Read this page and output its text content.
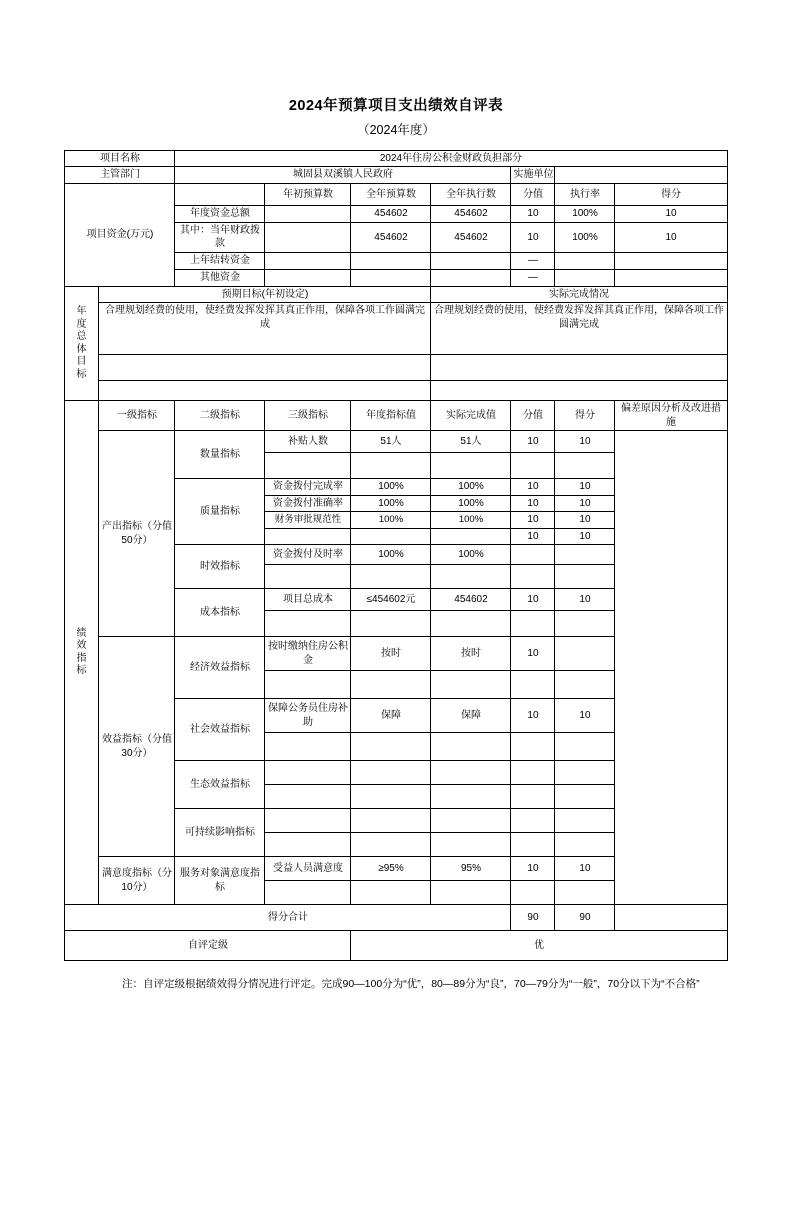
2024年预算项目支出绩效自评表
（2024年度）
项目名称		2024年住房公积金财政负担部分						
主管部门		城固县双溪镇人民政府				实施单位		
项目资金(万元)			年初预算数	全年预算数	全年执行数	分值	执行率	得分
		年度资金总额		454602	454602	10	100%	10
		其中：当年财政拨款		454602	454602	10	100%	10
		上年结转资金				—		
		其他资金				—		

年
度
总
体
目
标
	预期目标(年初设定)	实际完成情况
	合理规划经费的使用，使经费发挥发挥其真正作用，保障各项工作圆满完成				合理规划经费的使用，使经费发挥发挥其真正作用，保障各项工作圆满完成			

绩
效
指
标	一级指标	二级指标	三级指标	年度指标值	实际完成值	分值	得分	偏差原因分析及改进措施
	产出指标（分值50分）	数量指标	补贴人数	51人	51人	10	10	

		质量指标	资金拨付完成率	100%	100%	10	10	
			资金拨付准确率	100%	100%	10	10	
			财务审批规范性	100%	100%	10	10	
						10	10	
		时效指标	资金拨付及时率	100%	100%			

		成本指标	项目总成本	≤454602元	454602	10	10	

	效益指标（分值30分）	经济效益指标	按时缴纳住房公积金	按时	按时	10		

		社会效益指标	保障公务员住房补助	保障	保障	10	10	

		生态效益指标						

		可持续影响指标						

	满意度指标（分10分）	服务对象满意度指标	受益人员满意度	≥95%	95%	10	10	

得分合计						90	90	
自评定级				优				
注：自评定级根据绩效得分情况进行评定。完成90—100分为“优”，80—89分为“良”，70—79分为“一般”，70分以下为“不合格”
